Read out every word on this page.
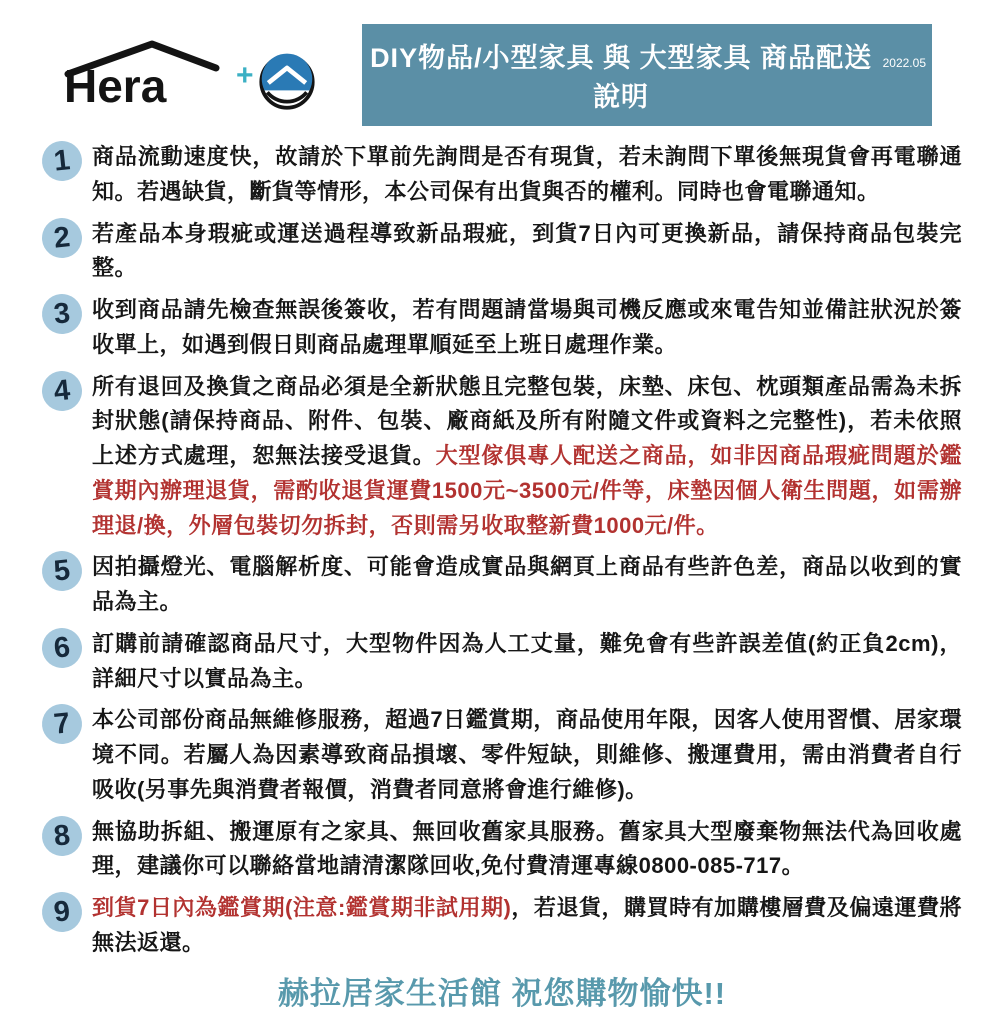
Hera +
DIY物品/小型家具 與 大型家具 商品配送說明
2022.05
1 商品流動速度快，故請於下單前先詢問是否有現貨，若未詢問下單後無現貨會再電聯通知。若遇缺貨，斷貨等情形，本公司保有出貨與否的權利。同時也會電聯通知。

2 若產品本身瑕疵或運送過程導致新品瑕疵，到貨7日內可更換新品，請保持商品包裝完整。

3 收到商品請先檢查無誤後簽收，若有問題請當場與司機反應或來電告知並備註狀況於簽收單上，如遇到假日則商品處理單順延至上班日處理作業。

4 所有退回及換貨之商品必須是全新狀態且完整包裝，床墊、床包、枕頭類產品需為未拆封狀態(請保持商品、附件、包裝、廠商紙及所有附隨文件或資料之完整性)，若未依照上述方式處理，恕無法接受退貨。大型傢俱專人配送之商品，如非因商品瑕疵問題於鑑賞期內辦理退貨，需酌收退貨運費1500元~3500元/件等，床墊因個人衛生問題，如需辦理退/換，外層包裝切勿拆封，否則需另收取整新費1000元/件。

5 因拍攝燈光、電腦解析度、可能會造成實品與網頁上商品有些許色差，商品以收到的實品為主。

6 訂購前請確認商品尺寸，大型物件因為人工丈量，難免會有些許誤差值(約正負2cm)，詳細尺寸以實品為主。

7 本公司部份商品無維修服務，超過7日鑑賞期，商品使用年限，因客人使用習慣、居家環境不同。若屬人為因素導致商品損壞、零件短缺，則維修、搬運費用，需由消費者自行吸收(另事先與消費者報價，消費者同意將會進行維修)。

8 無協助拆組、搬運原有之家具、無回收舊家具服務。舊家具大型廢棄物無法代為回收處理，建議你可以聯絡當地請清潔隊回收,免付費清運專線0800-085-717。

9 到貨7日內為鑑賞期(注意:鑑賞期非試用期)，若退貨，購買時有加購樓層費及偏遠運費將無法返還。

赫拉居家生活館 祝您購物愉快!!
